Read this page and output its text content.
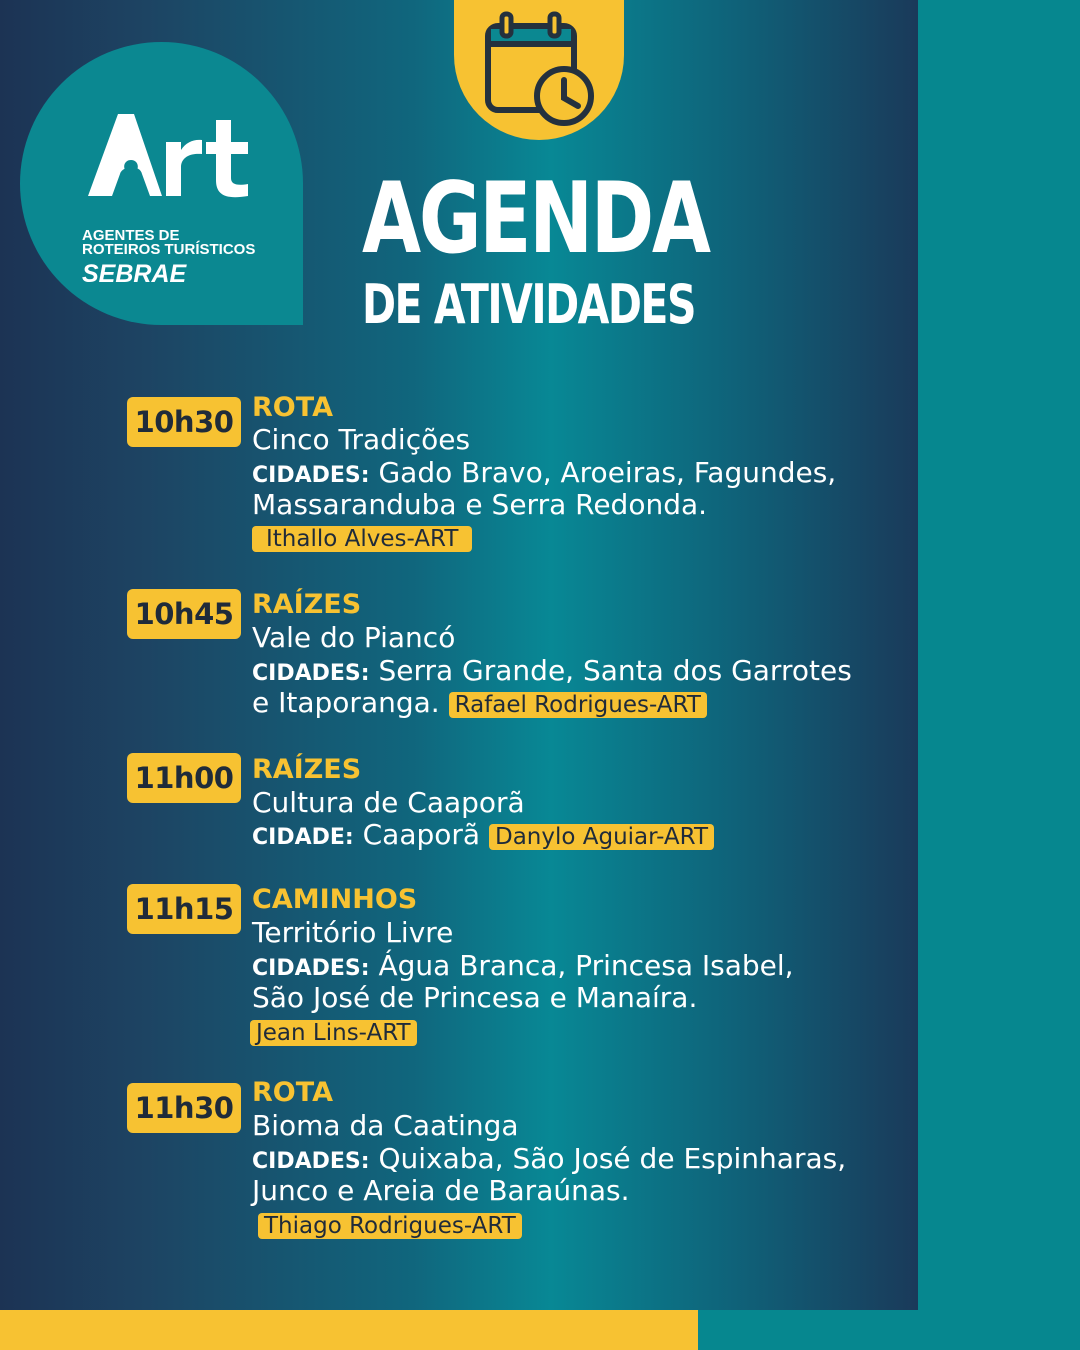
AGENTES DE
ROTEIROS TURÍSTICOS
SEBRAE AGENDA
DE ATIVIDADES
10h30 ROTA
Cinco Tradições
CIDADES: Gado Bravo, Aroeiras, Fagundes,
Massaranduba e Serra Redonda.
Ithallo Alves-ART
10h45 RAÍZES
Vale do Piancó
CIDADES: Serra Grande, Santa dos Garrotes
e Itaporanga. Rafael Rodrigues-ART
11h00 RAÍZES
Cultura de Caaporã
CIDADE: Caaporã Danylo Aguiar-ART
11h15 CAMINHOS
Território Livre
CIDADES: Água Branca, Princesa Isabel,
São José de Princesa e Manaíra.
Jean Lins-ART
11h30 ROTA
Bioma da Caatinga
CIDADES: Quixaba, São José de Espinharas,
Junco e Areia de Baraúnas.
Thiago Rodrigues-ART
